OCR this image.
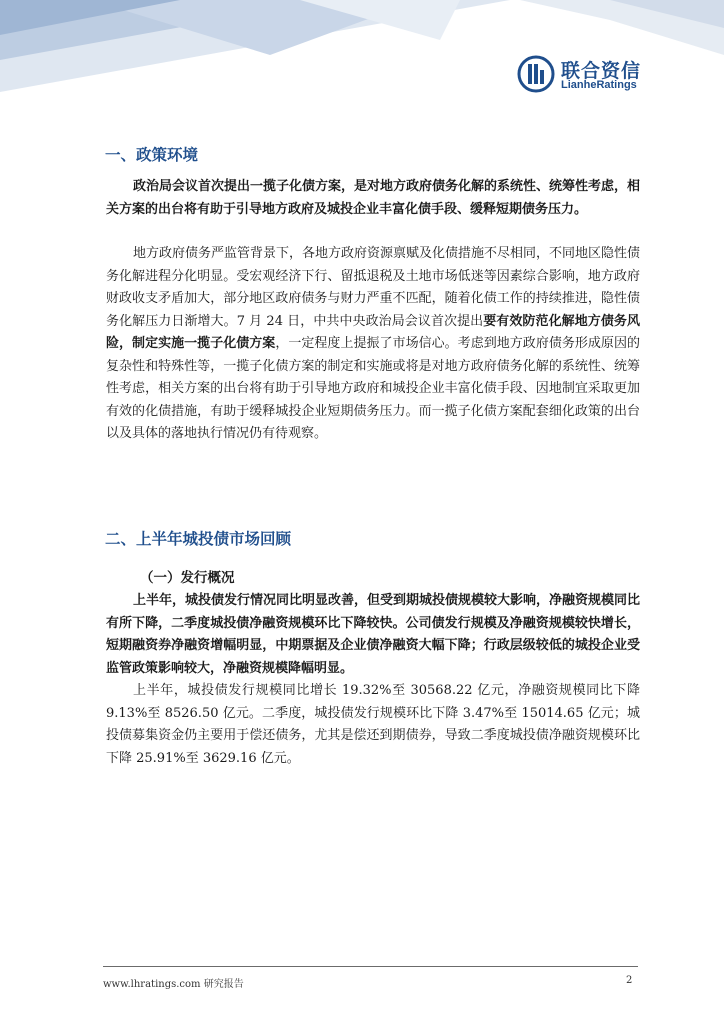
联合资信
LianheRatings
一、政策环境

政治局会议首次提出一揽子化债方案，是对地方政府债务化解的系统性、统筹性考虑，相关方案的出台将有助于引导地方政府及城投企业丰富化债手段、缓释短期债务压力。

地方政府债务严监管背景下，各地方政府资源禀赋及化债措施不尽相同，不同地区隐性债务化解进程分化明显。受宏观经济下行、留抵退税及土地市场低迷等因素综合影响，地方政府财政收支矛盾加大，部分地区政府债务与财力严重不匹配，随着化债工作的持续推进，隐性债务化解压力日渐增大。7 月 24 日，中共中央政治局会议首次提出要有效防范化解地方债务风险，制定实施一揽子化债方案，一定程度上提振了市场信心。考虑到地方政府债务形成原因的复杂性和特殊性等，一揽子化债方案的制定和实施或将是对地方政府债务化解的系统性、统筹性考虑，相关方案的出台将有助于引导地方政府和城投企业丰富化债手段、因地制宜采取更加有效的化债措施，有助于缓释城投企业短期债务压力。而一揽子化债方案配套细化政策的出台以及具体的落地执行情况仍有待观察。

二、上半年城投债市场回顾
（一）发行概况

上半年，城投债发行情况同比明显改善，但受到期城投债规模较大影响，净融资规模同比有所下降，二季度城投债净融资规模环比下降较快。公司债发行规模及净融资规模较快增长，短期融资券净融资增幅明显，中期票据及企业债净融资大幅下降；行政层级较低的城投企业受监管政策影响较大，净融资规模降幅明显。

上半年，城投债发行规模同比增长 19.32%至 30568.22 亿元，净融资规模同比下降 9.13%至 8526.50 亿元。二季度，城投债发行规模环比下降 3.47%至 15014.65 亿元；城投债募集资金仍主要用于偿还债务，尤其是偿还到期债券，导致二季度城投债净融资规模环比下降 25.91%至 3629.16 亿元。

www.lhratings.com 研究报告	2
